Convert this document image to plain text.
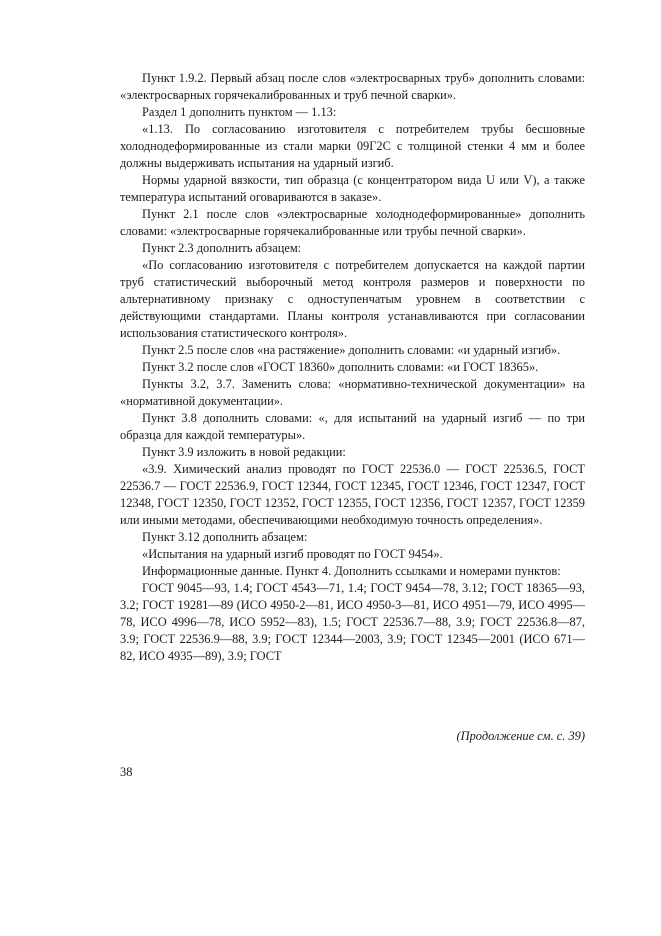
Пункт 1.9.2. Первый абзац после слов «электросварных труб» дополнить словами: «электросварных горячекалиброванных и труб печной сварки».

Раздел 1 дополнить пунктом — 1.13:

«1.13. По согласованию изготовителя с потребителем трубы бесшовные холоднодеформированные из стали марки 09Г2С с толщиной стенки 4 мм и более должны выдерживать испытания на ударный изгиб.

Нормы ударной вязкости, тип образца (с концентратором вида U или V), а также температура испытаний оговариваются в заказе».

Пункт 2.1 после слов «электросварные холоднодеформированные» дополнить словами: «электросварные горячекалиброванные или трубы печной сварки».

Пункт 2.3 дополнить абзацем:

«По согласованию изготовителя с потребителем допускается на каждой партии труб статистический выборочный метод контроля размеров и поверхности по альтернативному признаку с одноступенчатым уровнем в соответствии с действующими стандартами. Планы контроля устанавливаются при согласовании использования статистического контроля».

Пункт 2.5 после слов «на растяжение» дополнить словами: «и ударный изгиб».

Пункт 3.2 после слов «ГОСТ 18360» дополнить словами: «и ГОСТ 18365».

Пункты 3.2, 3.7. Заменить слова: «нормативно-технической документации» на «нормативной документации».

Пункт 3.8 дополнить словами: «, для испытаний на ударный изгиб — по три образца для каждой температуры».

Пункт 3.9 изложить в новой редакции:

«3.9. Химический анализ проводят по ГОСТ 22536.0 — ГОСТ 22536.5, ГОСТ 22536.7 — ГОСТ 22536.9, ГОСТ 12344, ГОСТ 12345, ГОСТ 12346, ГОСТ 12347, ГОСТ 12348, ГОСТ 12350, ГОСТ 12352, ГОСТ 12355, ГОСТ 12356, ГОСТ 12357, ГОСТ 12359 или иными методами, обеспечивающими необходимую точность определения».

Пункт 3.12 дополнить абзацем:

«Испытания на ударный изгиб проводят по ГОСТ 9454».

Информационные данные. Пункт 4. Дополнить ссылками и номерами пунктов:

ГОСТ 9045—93, 1.4; ГОСТ 4543—71, 1.4; ГОСТ 9454—78, 3.12; ГОСТ 18365—93, 3.2; ГОСТ 19281—89 (ИСО 4950-2—81, ИСО 4950-3—81, ИСО 4951—79, ИСО 4995—78, ИСО 4996—78, ИСО 5952—83), 1.5; ГОСТ 22536.7—88, 3.9; ГОСТ 22536.8—87, 3.9; ГОСТ 22536.9—88, 3.9; ГОСТ 12344—2003, 3.9; ГОСТ 12345—2001 (ИСО 671—82, ИСО 4935—89), 3.9; ГОСТ

(Продолжение см. с. 39)
38
